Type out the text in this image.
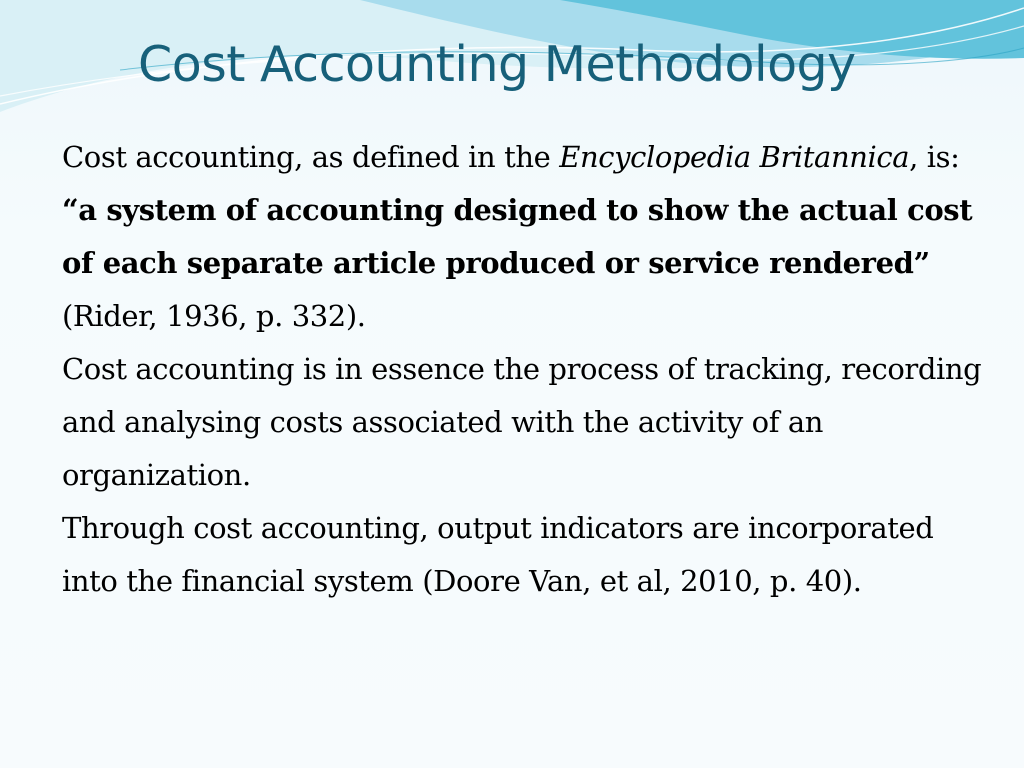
Cost Accounting Methodology

Cost accounting, as defined in the Encyclopedia Britannica, is:

“a system of accounting designed to show the actual cost of each separate article produced or service rendered” (Rider, 1936, p. 332).

Cost accounting is in essence the process of tracking, recording and analysing costs associated with the activity of an organization.

Through cost accounting, output indicators are incorporated into the financial system (Doore Van, et al, 2010, p. 40).
